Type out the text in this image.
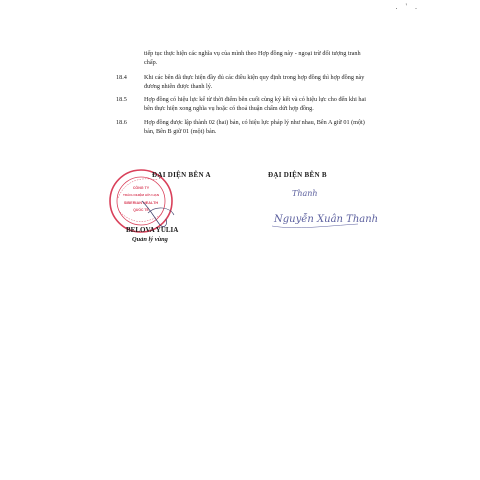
. ' .
tiếp tục thực hiện các nghĩa vụ của mình theo Hợp đồng này - ngoại trừ đối tượng tranh chấp.
18.4	Khi các bên đã thực hiện đầy đủ các điều kiện quy định trong hợp đồng thì hợp đồng này đương nhiên được thanh lý.
18.5	Hợp đồng có hiệu lực kể từ thời điểm bên cuối cùng ký kết và có hiệu lực cho đến khi hai bên thực hiện xong nghĩa vụ hoặc có thoả thuận chấm dứt hợp đồng.
18.6	Hợp đồng được lập thành 02 (hai) bản, có hiệu lực pháp lý như nhau, Bên A giữ 01 (một) bản, Bên B giữ 01 (một) bản.
CÔNG TY
TRÁCH NHIỆM HỮU HẠN
SIBERIAN HEALTH
QUỐC TẾ
ĐẠI DIỆN BÊN A
BELOVA YULIA
Quản lý vùng
ĐẠI DIỆN BÊN B
Thanh
Nguyễn Xuân Thanh
